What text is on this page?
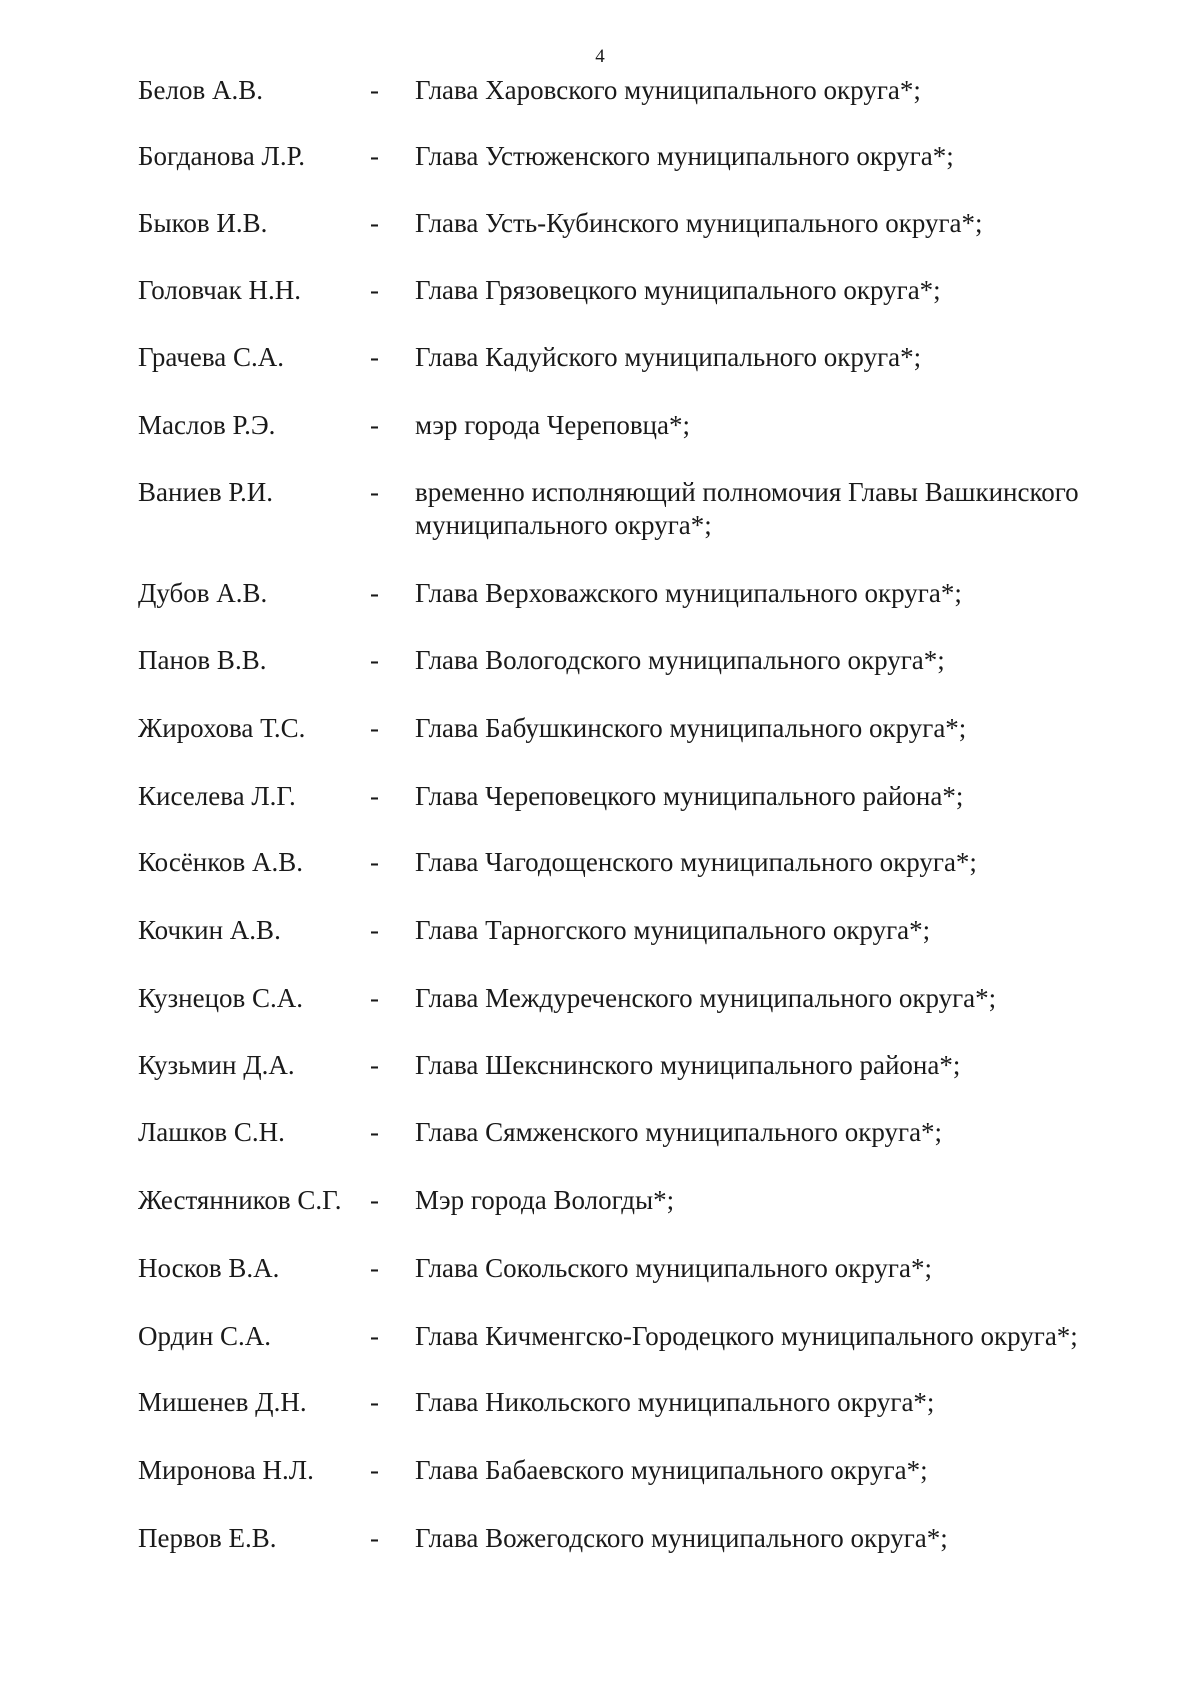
4
Белов А.В.	- Глава Харовского муниципального округа*;
Богданова Л.Р. - Глава Устюженского муниципального округа*;
Быков И.В.	- Глава Усть-Кубинского муниципального округа*;
Головчак Н.Н.	- Глава Грязовецкого муниципального округа*;
Грачева С.А.	- Глава Кадуйского муниципального округа*;
Маслов Р.Э.	- мэр города Череповца*;
Ваниев Р.И.	- временно исполняющий полномочия Главы Вашкинского муниципального округа*;
Дубов А.В.	- Глава Верховажского муниципального округа*;
Панов В.В.	- Глава Вологодского муниципального округа*;
Жирохова Т.С. - Глава Бабушкинского муниципального округа*;
Киселева Л.Г.	- Глава Череповецкого муниципального района*;
Косёнков А.В. - Глава Чагодощенского муниципального округа*;
Кочкин А.В.	- Глава Тарногского муниципального округа*;
Кузнецов С.А. - Глава Междуреченского муниципального округа*;
Кузьмин Д.А.	- Глава Шекснинского муниципального района*;
Лашков С.Н.	- Глава Сямженского муниципального округа*;
Жестянников С.Г. - Мэр города Вологды*;
Носков В.А.	- Глава Сокольского муниципального округа*;
Ордин С.А.	- Глава Кичменгско-Городецкого муниципального округа*;
Мишенев Д.Н. - Глава Никольского муниципального округа*;
Миронова Н.Л. - Глава Бабаевского муниципального округа*;
Первов Е.В.	- Глава Вожегодского муниципального округа*;
